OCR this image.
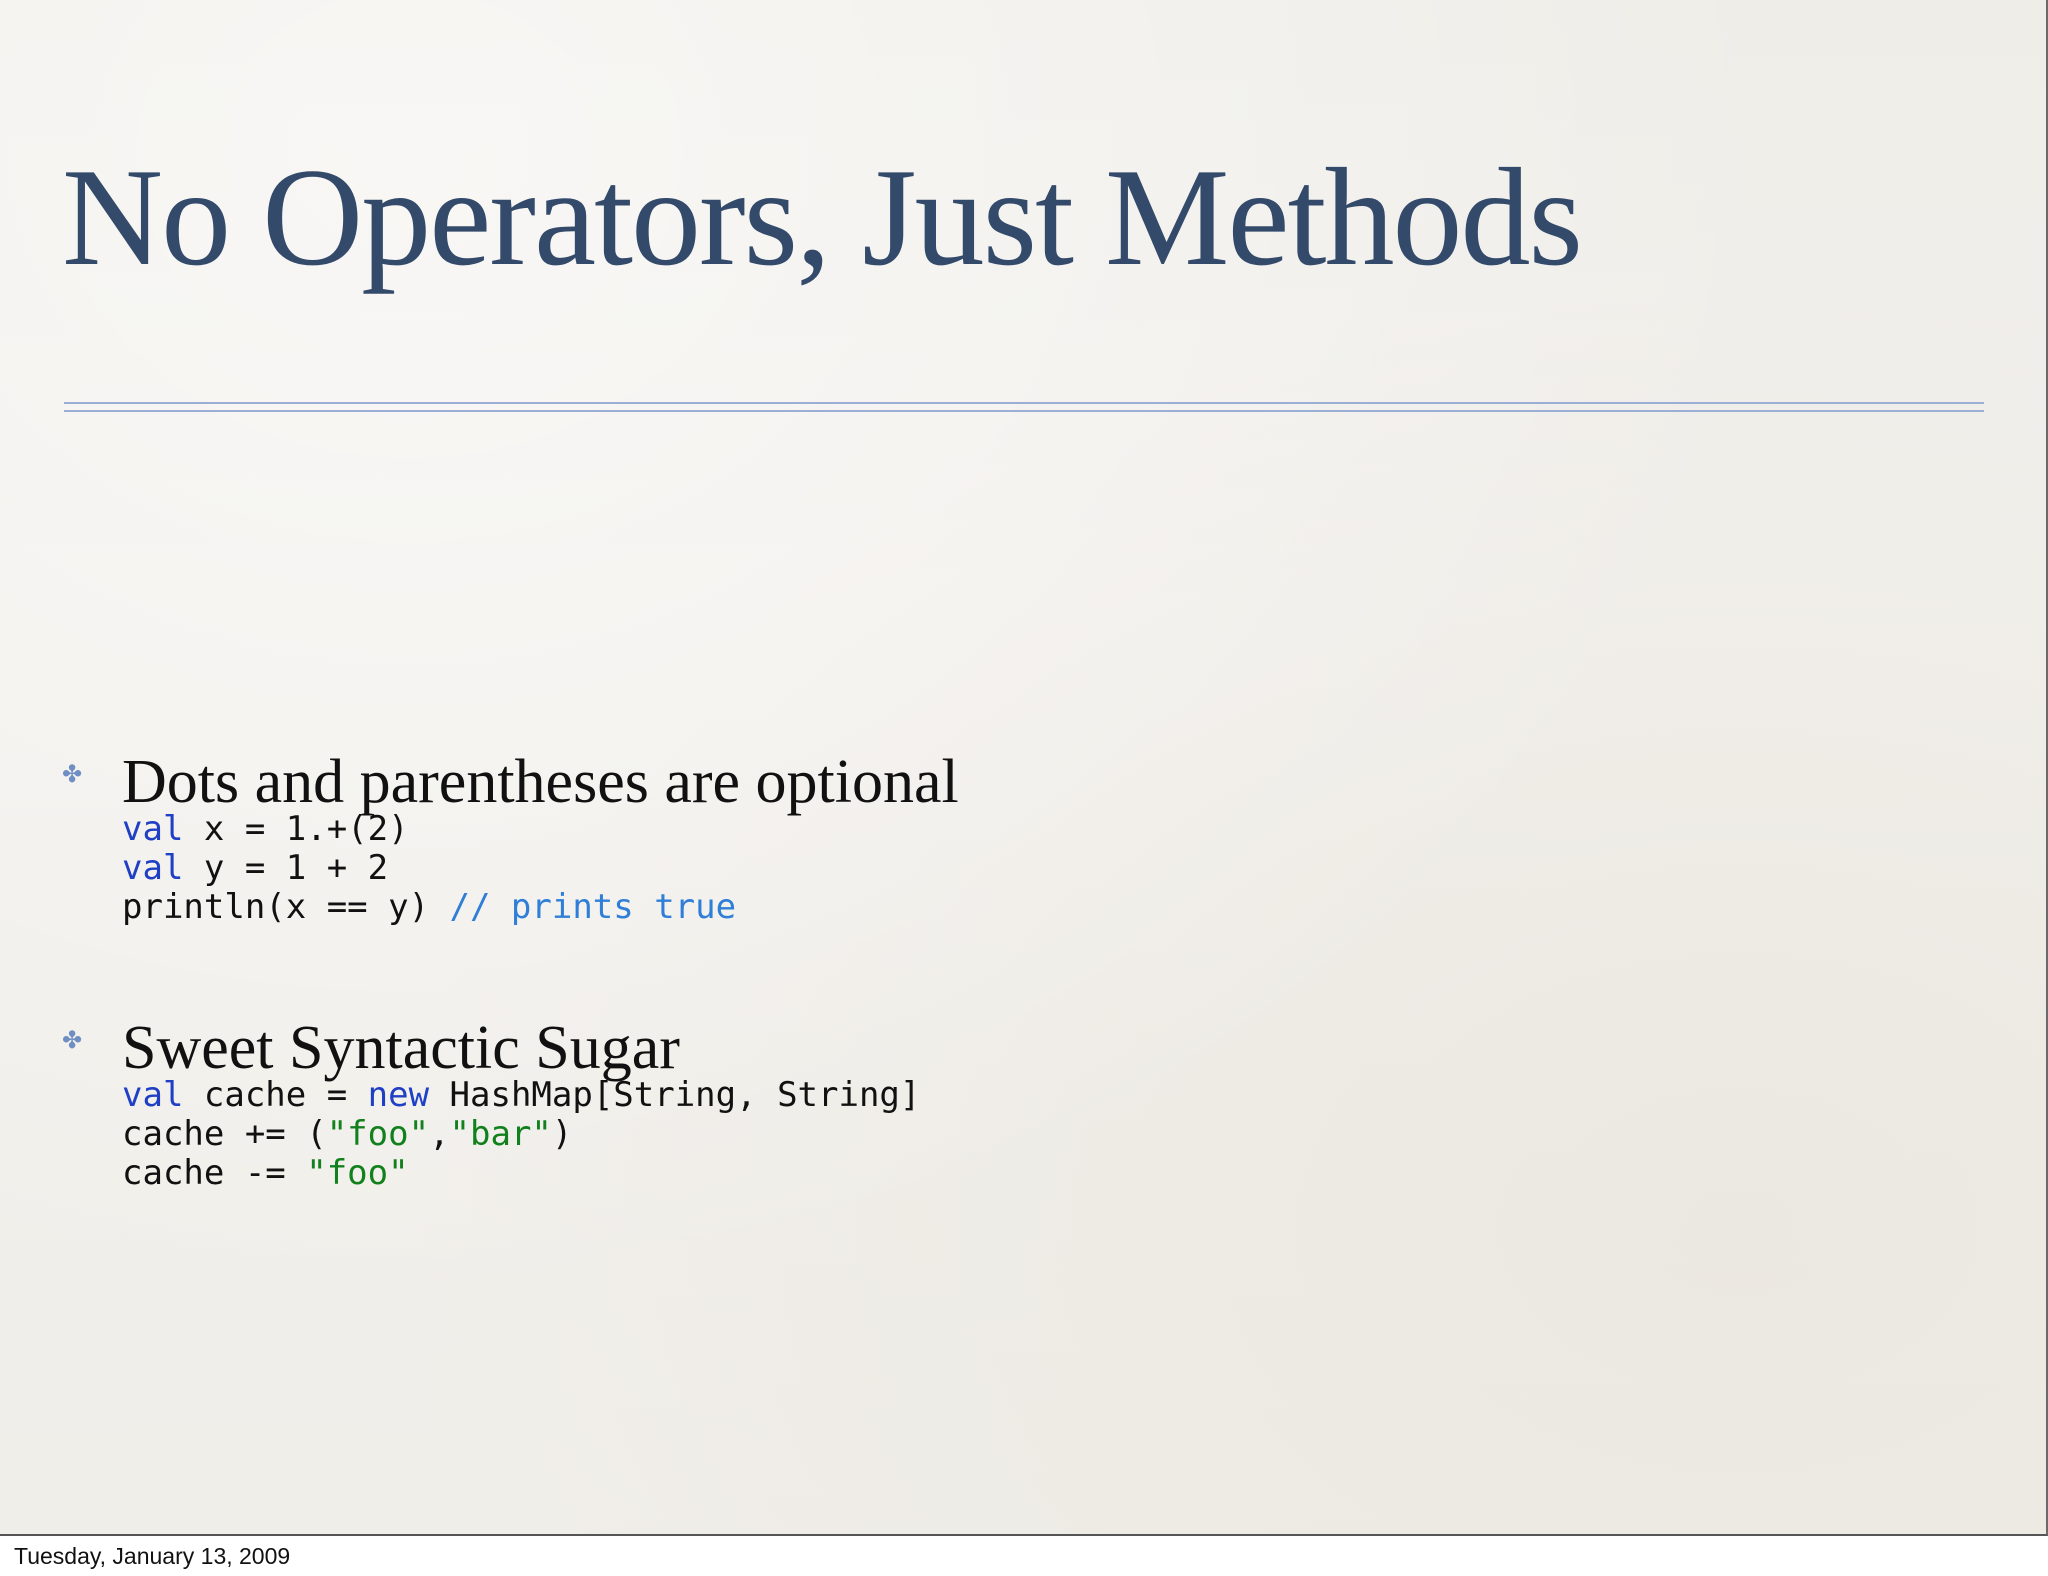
No Operators, Just Methods
✤ Dots and parentheses are optional
val x = 1.+(2)
val y = 1 + 2
println(x == y) // prints true
✤ Sweet Syntactic Sugar
val cache = new HashMap[String, String]
cache += ("foo","bar")
cache -= "foo"
Tuesday, January 13, 2009
